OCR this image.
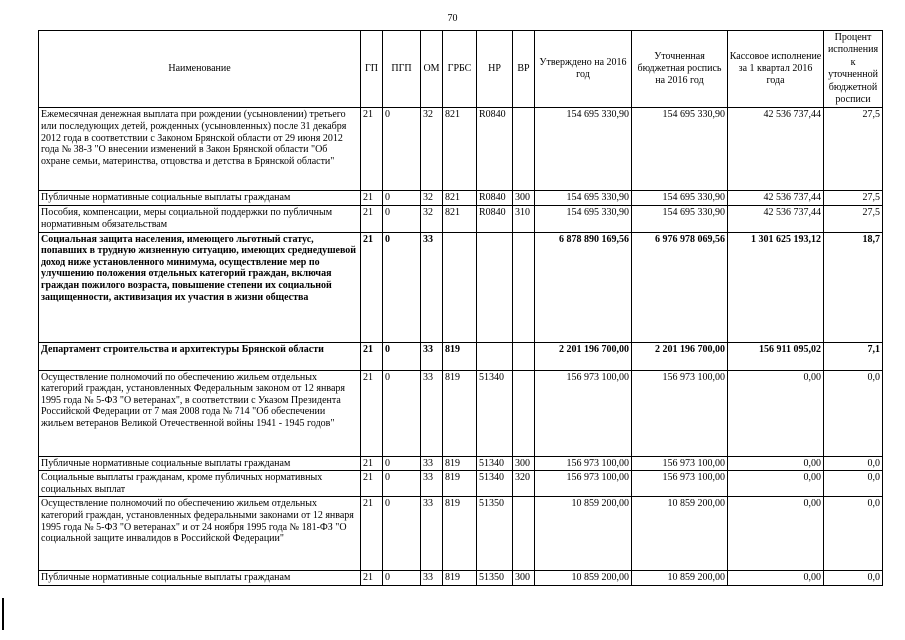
70
Наименование	ГП	ПГП	ОМ	ГРБС	НР	ВР	Утверждено на 2016 год	Уточненная бюджетная роспись на 2016 год	Кассовое исполнение за 1 квартал 2016 года	Процент исполнения к уточненной бюджетной росписи
Ежемесячная денежная выплата при рождении (усыновлении) третьего или последующих детей, рожденных (усыновленных) после 31 декабря 2012 года в соответствии с Законом Брянской области от 29 июня 2012 года № 38-З "О внесении изменений в Закон Брянской области "Об охране семьи, материнства, отцовства и детства в Брянской области"	21	0	32	821	R0840		154 695 330,90	154 695 330,90	42 536 737,44	27,5
Публичные нормативные социальные выплаты гражданам	21	0	32	821	R0840	300	154 695 330,90	154 695 330,90	42 536 737,44	27,5
Пособия, компенсации, меры социальной поддержки по публичным нормативным обязательствам	21	0	32	821	R0840	310	154 695 330,90	154 695 330,90	42 536 737,44	27,5
Социальная защита населения, имеющего льготный статус, попавших в трудную жизненную ситуацию, имеющих среднедушевой доход ниже установленного минимума, осуществление мер по улучшению положения отдельных категорий граждан, включая граждан пожилого возраста, повышение степени их социальной защищенности, активизация их участия в жизни общества	21	0	33				6 878 890 169,56	6 976 978 069,56	1 301 625 193,12	18,7
Департамент строительства и архитектуры Брянской области	21	0	33	819			2 201 196 700,00	2 201 196 700,00	156 911 095,02	7,1
Осуществление полномочий по обеспечению жильем отдельных категорий граждан, установленных Федеральным законом от 12 января 1995 года № 5-ФЗ "О ветеранах", в соответствии с Указом Президента Российской Федерации от 7 мая 2008 года № 714 "Об обеспечении жильем ветеранов Великой Отечественной войны 1941 - 1945 годов"	21	0	33	819	51340		156 973 100,00	156 973 100,00	0,00	0,0
Публичные нормативные социальные выплаты гражданам	21	0	33	819	51340	300	156 973 100,00	156 973 100,00	0,00	0,0
Социальные выплаты гражданам, кроме публичных нормативных социальных выплат	21	0	33	819	51340	320	156 973 100,00	156 973 100,00	0,00	0,0
Осуществление полномочий по обеспечению жильем отдельных категорий граждан, установленных федеральными законами от 12 января 1995 года № 5-ФЗ "О ветеранах" и от 24 ноября 1995 года № 181-ФЗ "О социальной защите инвалидов в Российской Федерации"	21	0	33	819	51350		10 859 200,00	10 859 200,00	0,00	0,0
Публичные нормативные социальные выплаты гражданам	21	0	33	819	51350	300	10 859 200,00	10 859 200,00	0,00	0,0
